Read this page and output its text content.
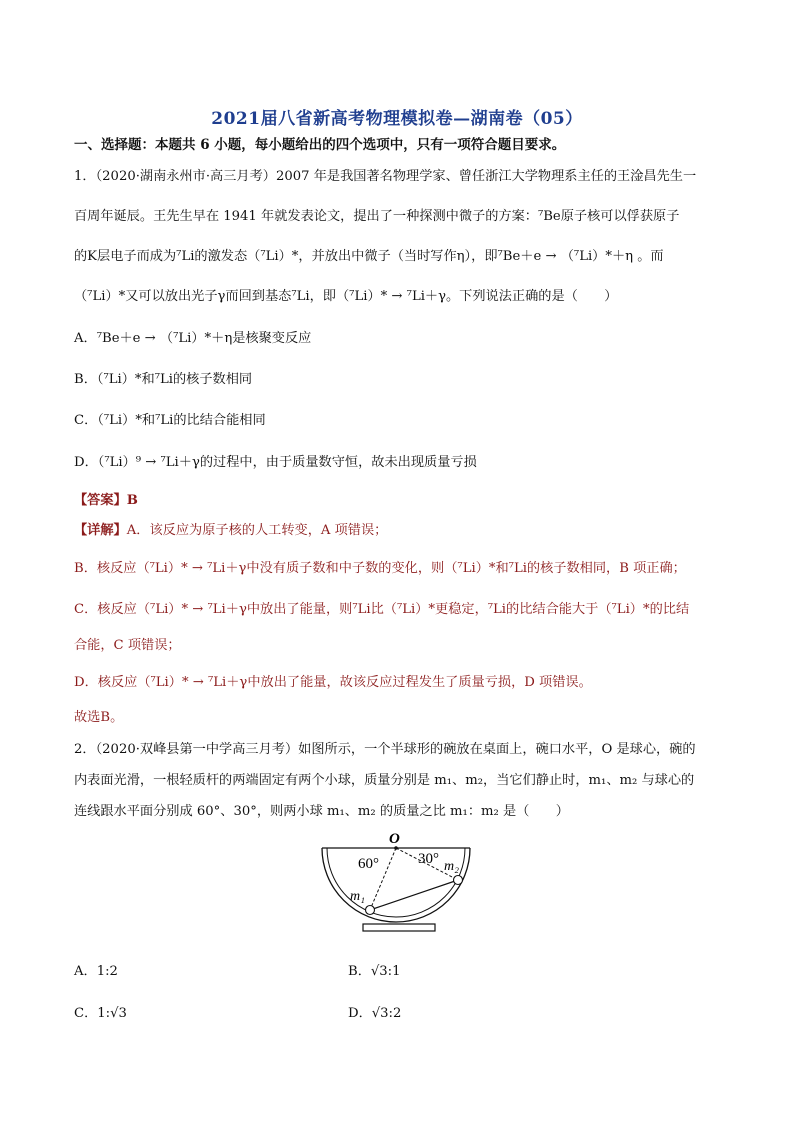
2021届八省新高考物理模拟卷—湖南卷（05）
一、选择题：本题共 6 小题，每小题给出的四个选项中，只有一项符合题目要求。
1．（2020·湖南永州市·高三月考）2007 年是我国著名物理学家、曾任浙江大学物理系主任的王淦昌先生一
百周年诞辰。王先生早在 1941 年就发表论文，提出了一种探测中微子的方案：⁷Be原子核可以俘获原子
的K层电子而成为⁷Li的激发态（⁷Li）*，并放出中微子（当时写作η），即⁷Be＋e → （⁷Li）*＋η 。而
（⁷Li）*又可以放出光子γ而回到基态⁷Li，即（⁷Li）* → ⁷Li＋γ。下列说法正确的是（　　）
A．⁷Be＋e → （⁷Li）*＋η是核聚变反应
B．（⁷Li）*和⁷Li的核子数相同
C．（⁷Li）*和⁷Li的比结合能相同
D．（⁷Li）⁹ → ⁷Li＋γ的过程中，由于质量数守恒，故未出现质量亏损
【答案】B
【详解】A．该反应为原子核的人工转变，A 项错误；
B．核反应（⁷Li）* → ⁷Li＋γ中没有质子数和中子数的变化，则（⁷Li）*和⁷Li的核子数相同，B 项正确；
C．核反应（⁷Li）* → ⁷Li＋γ中放出了能量，则⁷Li比（⁷Li）*更稳定，⁷Li的比结合能大于（⁷Li）*的比结
合能，C 项错误；
D．核反应（⁷Li）* → ⁷Li＋γ中放出了能量，故该反应过程发生了质量亏损，D 项错误。
故选B。
2．（2020·双峰县第一中学高三月考）如图所示，一个半球形的碗放在桌面上，碗口水平，O 是球心，碗的
内表面光滑，一根轻质杆的两端固定有两个小球，质量分别是 m₁、m₂，当它们静止时，m₁、m₂ 与球心的
连线跟水平面分别成 60°、30°，则两小球 m₁、m₂ 的质量之比 m₁：m₂ 是（　　）
O
60°	30° m₂
m₁
A．1:2	B．√3:1
C．1:√3	D．√3:2
